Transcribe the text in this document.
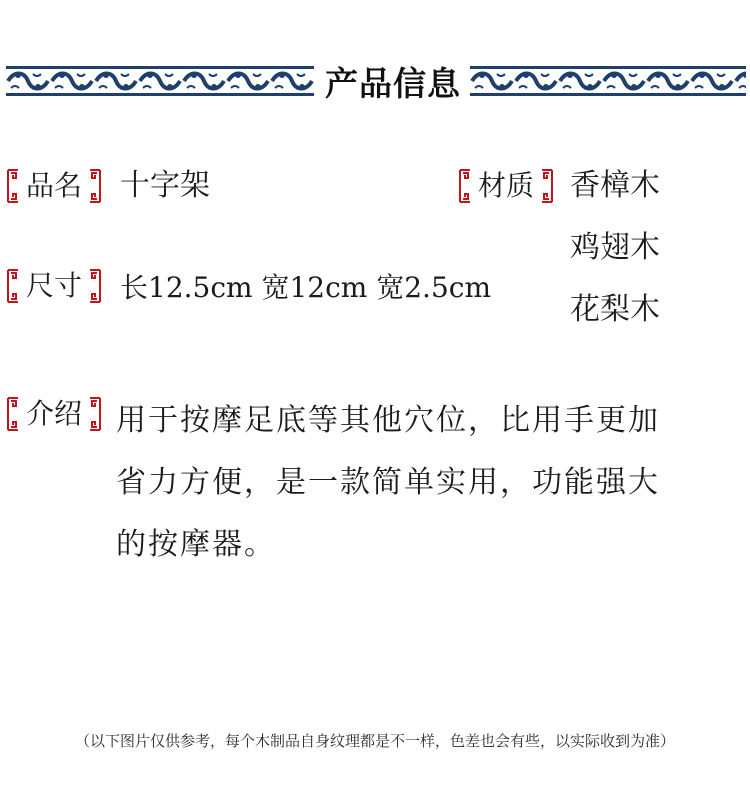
产品信息
品名	十字架	材质	香樟木
鸡翅木
花梨木
尺寸	长12.5cm 宽12cm 宽2.5cm
介绍	用于按摩足底等其他穴位，比用手更加
省力方便，是一款简单实用，功能强大
的按摩器。
（以下图片仅供参考，每个木制品自身纹理都是不一样，色差也会有些，以实际收到为准）
